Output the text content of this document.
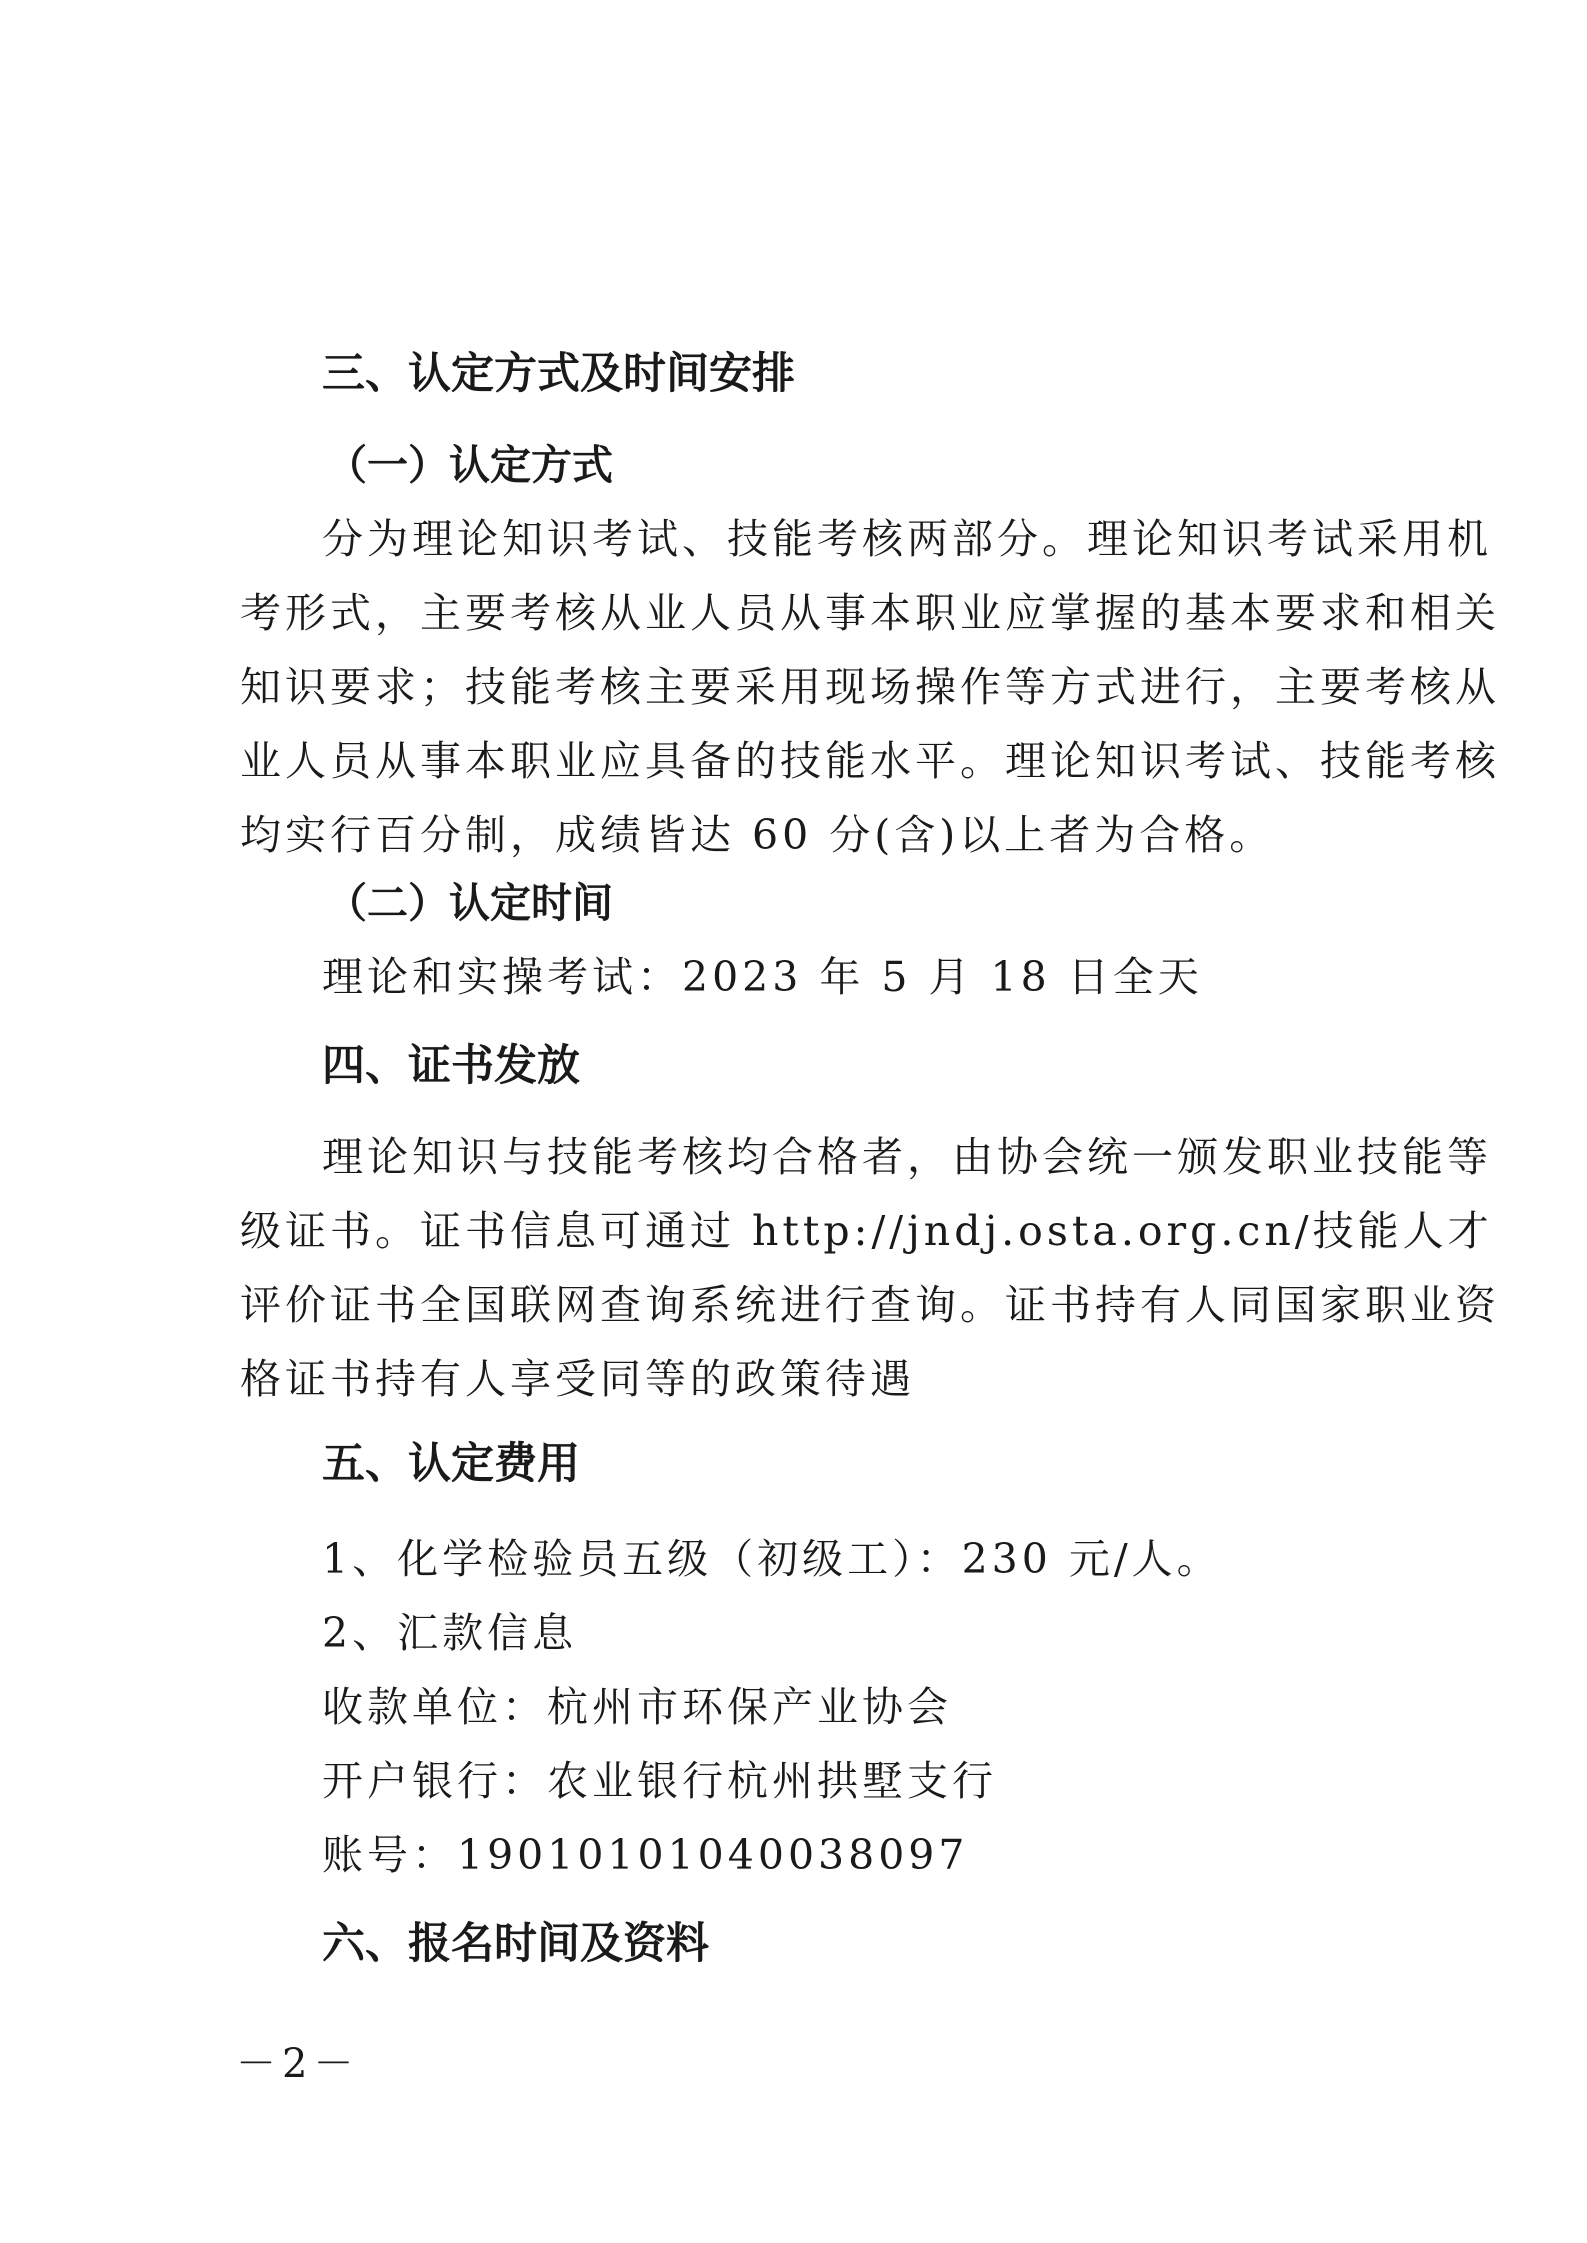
三、认定方式及时间安排
（一）认定方式
分为理论知识考试、技能考核两部分。理论知识考试采用机
考形式，主要考核从业人员从事本职业应掌握的基本要求和相关
知识要求；技能考核主要采用现场操作等方式进行，主要考核从
业人员从事本职业应具备的技能水平。理论知识考试、技能考核
均实行百分制，成绩皆达 60 分(含)以上者为合格。
（二）认定时间
理论和实操考试：2023 年 5 月 18 日全天
四、证书发放
理论知识与技能考核均合格者，由协会统一颁发职业技能等
级证书。证书信息可通过 http://jndj.osta.org.cn/技能人才
评价证书全国联网查询系统进行查询。证书持有人同国家职业资
格证书持有人享受同等的政策待遇
五、认定费用
1、化学检验员五级（初级工）：230 元/人。
2、汇款信息
收款单位：杭州市环保产业协会
开户银行：农业银行杭州拱墅支行
账号：19010101040038097
六、报名时间及资料
－2－
